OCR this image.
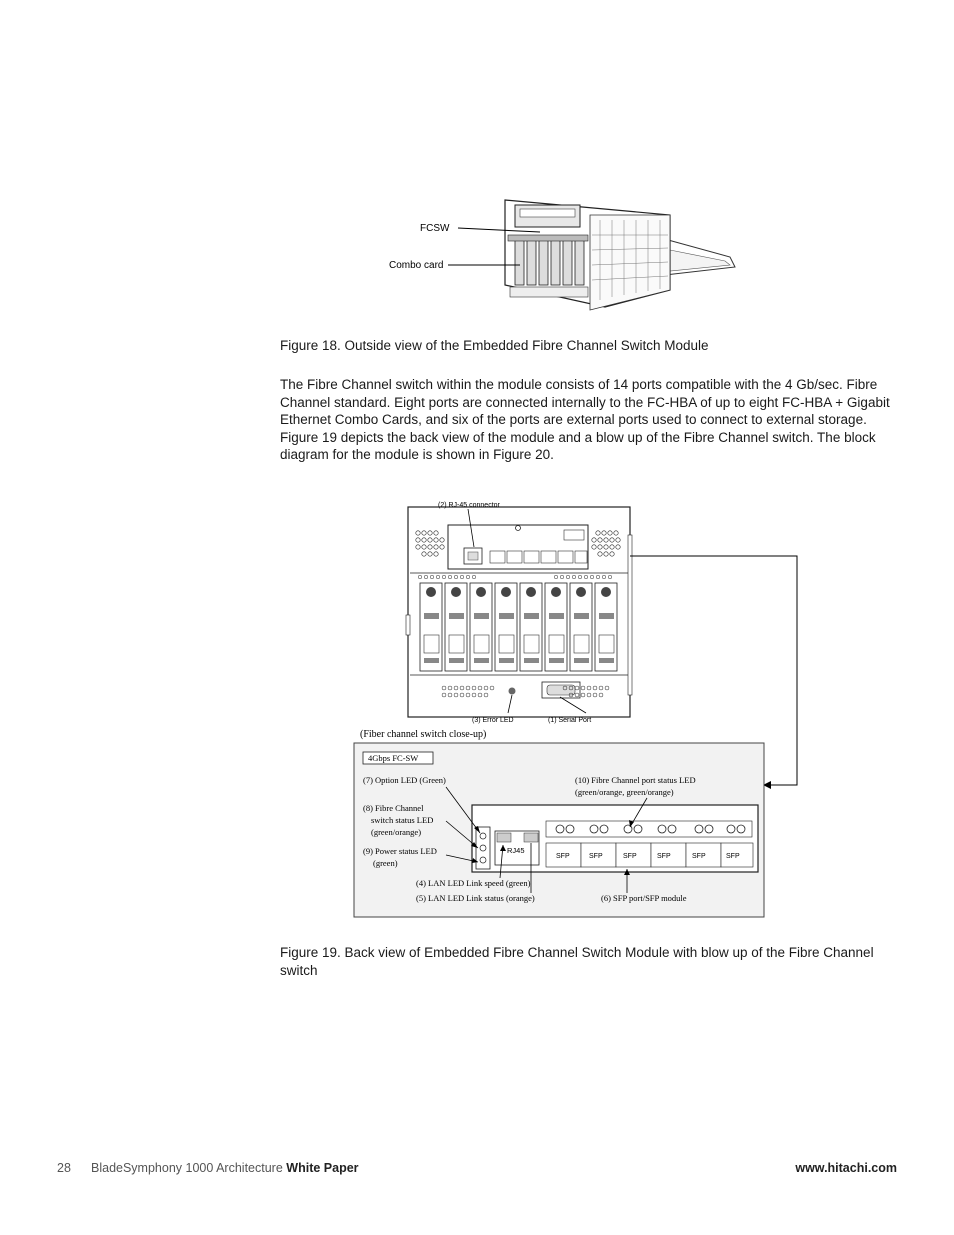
FCSW
Combo card
Figure 18. Outside view of the Embedded Fibre Channel Switch Module
The Fibre Channel switch within the module consists of 14 ports compatible with the 4 Gb/sec. Fibre
Channel standard. Eight ports are connected internally to the FC-HBA of up to eight FC-HBA + Gigabit
Ethernet Combo Cards, and six of the ports are external ports used to connect to external storage.
Figure 19 depicts the back view of the module and a blow up of the Fibre Channel switch. The block
diagram for the module is shown in Figure 20.
(2) RJ-45 connector
(3) Error LED	(1) Serial Port
(Fiber channel switch close-up)
4Gbps FC-SW
RJ45
SFP	SFP	SFP	SFP	SFP	SFP
(7) Option LED (Green)
(8) Fibre Channel
switch status LED
(green/orange)
(9) Power status LED
(green)
(10) Fibre Channel port status LED
(green/orange, green/orange)
(4) LAN LED Link speed (green)
(5) LAN LED Link status (orange)	(6) SFP port/SFP module
Figure 19. Back view of Embedded Fibre Channel Switch Module with blow up of the Fibre Channel
switch
28 BladeSymphony 1000 Architecture White Paper	www.hitachi.com
